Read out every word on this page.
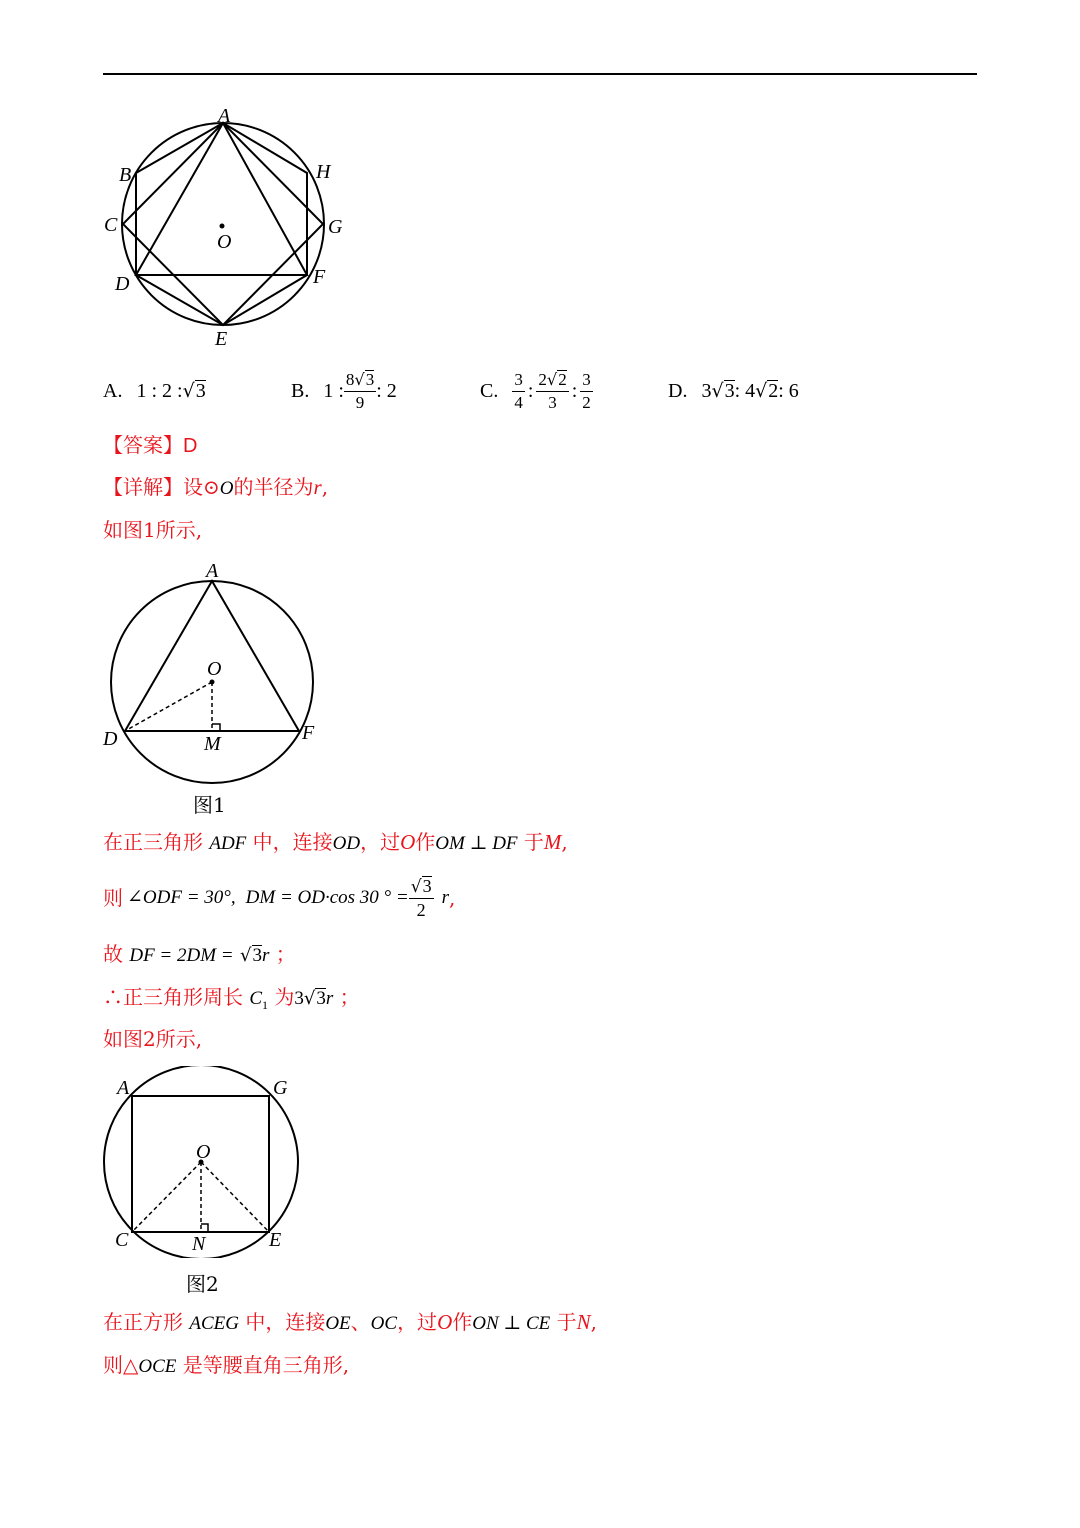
A
B
C
D
E
F
G
H
O
A. 1 : 2 : √ 3	B. 1 : $\frac{8√3}{9}$ : 2	C. $\frac{3}{4}$ : $\frac{2√2}{3}$ : $\frac{3}{2}$	D. 3 √ 3 : 4 √ 2 : 6
【答案】D
【详解】设⊙O的半径为r,
如图1所示,
A
O
D	M	F
图1
在正三角形 ADF 中，连接OD，过O作OM ⊥ DF 于M,
则 ∠ODF = 30°, DM = OD·cos 30 ° = $\frac{√3}{2}$ r ,
故 DF = 2DM = √3r ；
∴正三角形周长 $C_1$ 为3√3r ；
如图2所示,
A	G
O
C	N	E
图2
在正方形 ACEG 中，连接OE、OC，过O作ON ⊥ CE 于N,
则△OCE 是等腰直角三角形,
